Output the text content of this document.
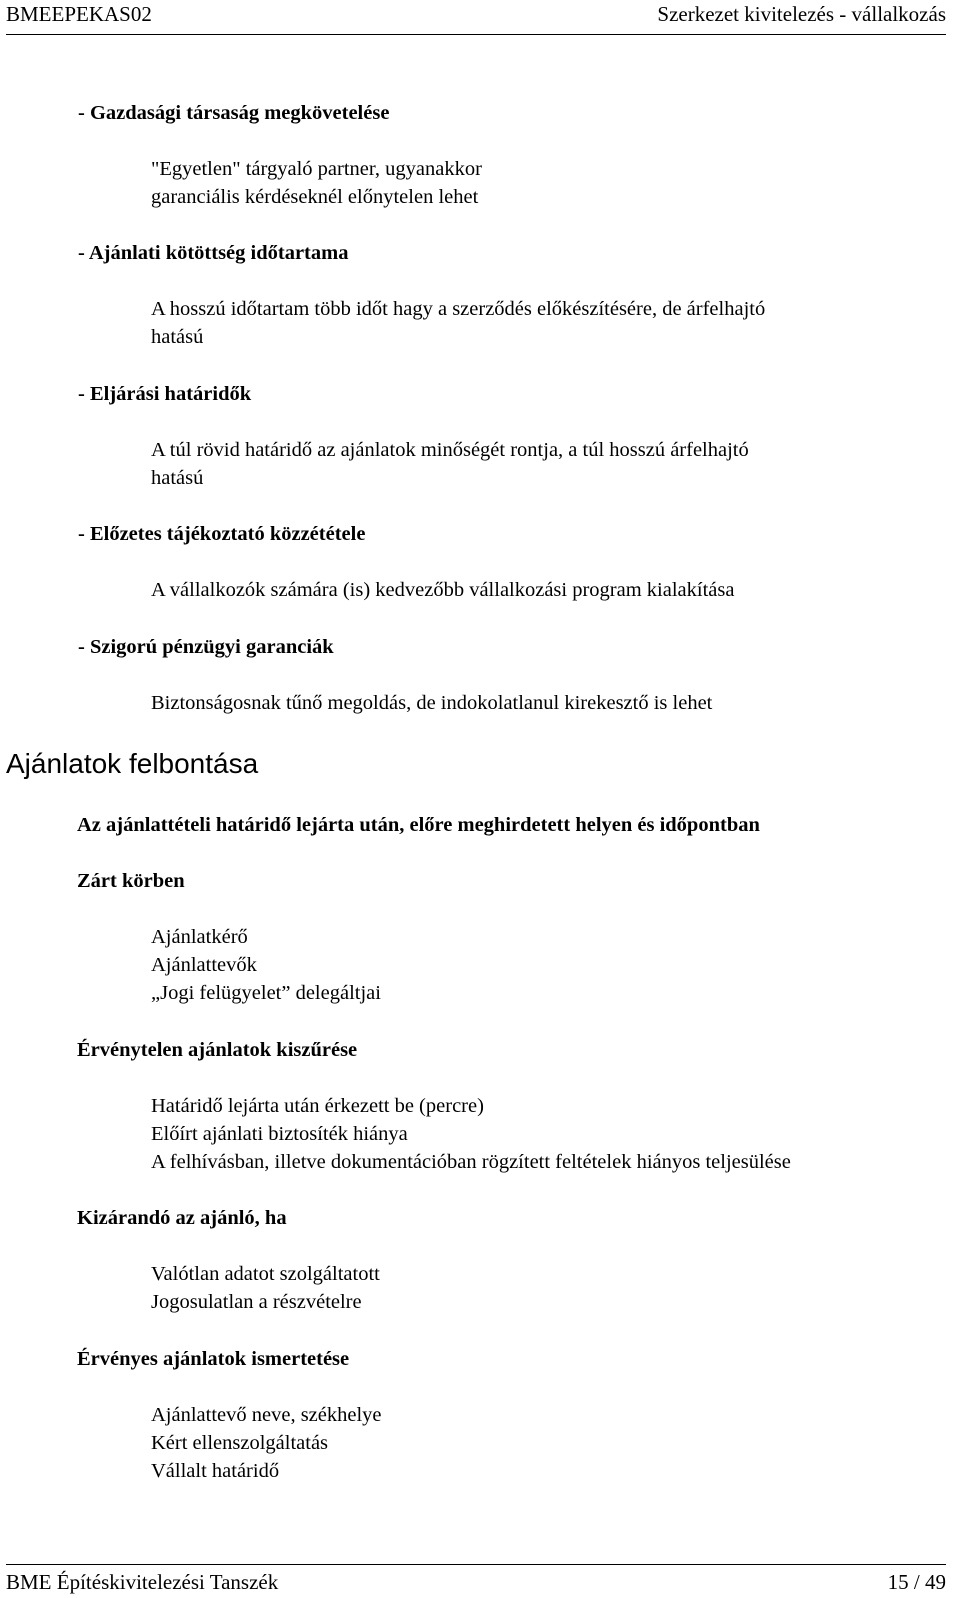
BMEEPEKAS02	Szerkezet kivitelezés - vállalkozás
- Gazdasági társaság megkövetelése
"Egyetlen" tárgyaló partner, ugyanakkor
garanciális kérdéseknél előnytelen lehet
- Ajánlati kötöttség időtartama
A hosszú időtartam több időt hagy a szerződés előkészítésére, de árfelhajtó
hatású
- Eljárási határidők
A túl rövid határidő az ajánlatok minőségét rontja, a túl hosszú árfelhajtó
hatású
- Előzetes tájékoztató közzététele
A vállalkozók számára (is) kedvezőbb vállalkozási program kialakítása
- Szigorú pénzügyi garanciák
Biztonságosnak tűnő megoldás, de indokolatlanul kirekesztő is lehet
Ajánlatok felbontása
Az ajánlattételi határidő lejárta után, előre meghirdetett helyen és időpontban
Zárt körben
Ajánlatkérő
Ajánlattevők
„Jogi felügyelet” delegáltjai
Érvénytelen ajánlatok kiszűrése
Határidő lejárta után érkezett be (percre)
Előírt ajánlati biztosíték hiánya
A felhívásban, illetve dokumentációban rögzített feltételek hiányos teljesülése
Kizárandó az ajánló, ha
Valótlan adatot szolgáltatott
Jogosulatlan a részvételre
Érvényes ajánlatok ismertetése
Ajánlattevő neve, székhelye
Kért ellenszolgáltatás
Vállalt határidő
BME Építéskivitelezési Tanszék	15 / 49
